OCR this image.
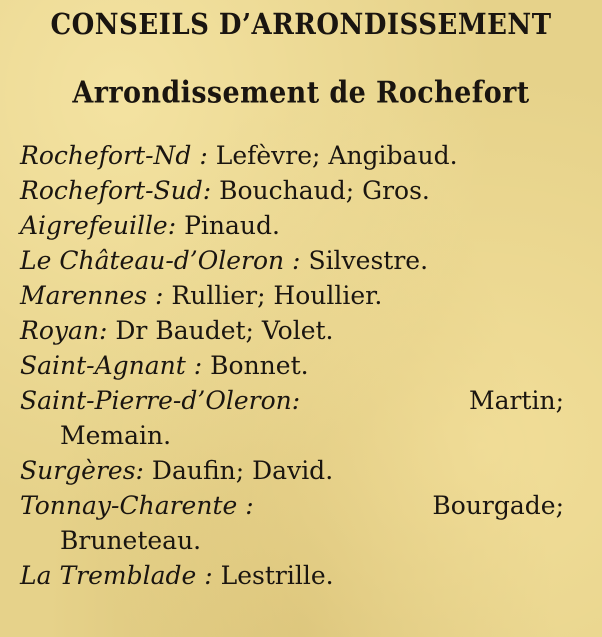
CONSEILS D’ARRONDISSEMENT
Arrondissement de Rochefort
Rochefort-Nd : Lefèvre; Angibaud.
Rochefort-Sud: Bouchaud; Gros.
Aigrefeuille: Pinaud.
Le Château-d’Oleron : Silvestre.
Marennes : Rullier; Houllier.
Royan: Dr Baudet; Volet.
Saint-Agnant : Bonnet.
Saint-Pierre-d’Oleron:	Martin;
Memain.
Surgères: Daufin; David.
Tonnay-Charente :	Bourgade;
Bruneteau.
La Tremblade : Lestrille.
